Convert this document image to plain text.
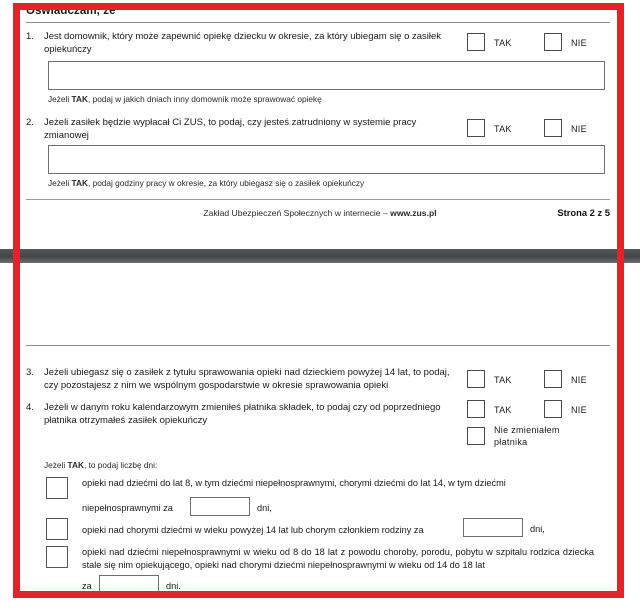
Oświadczam, że
1. Jest domownik, który może zapewnić opiekę dziecku w okresie, za który ubiegam się o zasiłek opiekuńczy
TAK	NIE
Jeżeli TAK, podaj w jakich dniach inny domownik może sprawować opiekę
2. Jeżeli zasiłek będzie wypłacał Ci ZUS, to podaj, czy jesteś zatrudniony w systemie pracy zmianowej
TAK	NIE
Jeżeli TAK, podaj godziny pracy w okresie, za który ubiegasz się o zasiłek opiekuńczy
Zakład Ubezpieczeń Społecznych w internecie – www.zus.pl	Strona 2 z 5
3. Jeżeli ubiegasz się o zasiłek z tytułu sprawowania opieki nad dzieckiem powyżej 14 lat, to podaj, czy pozostajesz z nim we wspólnym gospodarstwie w okresie sprawowania opieki	TAK	NIE
4. Jeżeli w danym roku kalendarzowym zmieniłeś płatnika składek, to podaj czy od poprzedniego płatnika otrzymałeś zasiłek opiekuńczy
TAK	NIE
Nie zmieniałem płatnika
Jeżeli TAK, to podaj liczbę dni:
opieki nad dziećmi do lat 8, w tym dziećmi niepełnosprawnymi, chorymi dziećmi do lat 14, w tym dziećmi
niepełnosprawnymi za	dni,
opieki nad chorymi dziećmi w wieku powyżej 14 lat lub chorym członkiem rodziny za	dni,
opieki nad dziećmi niepełnosprawnymi w wieku od 8 do 18 lat z powodu choroby, porodu, pobytu w szpitalu rodzica dziecka stale się nim opiekującego, opieki nad chorymi dziećmi niepełnosprawnymi w wieku od 14 do 18 lat
za	dni.
